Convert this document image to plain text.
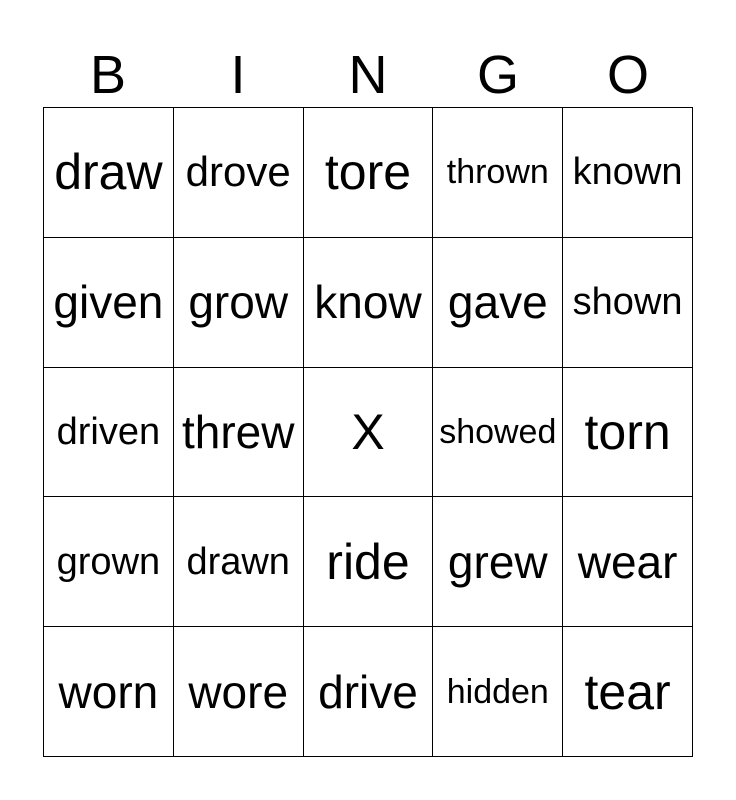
B	I	N	G	O
draw drove tore	thrown known
given grow know gave shown
driven threw	X	showed torn
grown drawn ride grew wear
worn wore drive hidden tear
